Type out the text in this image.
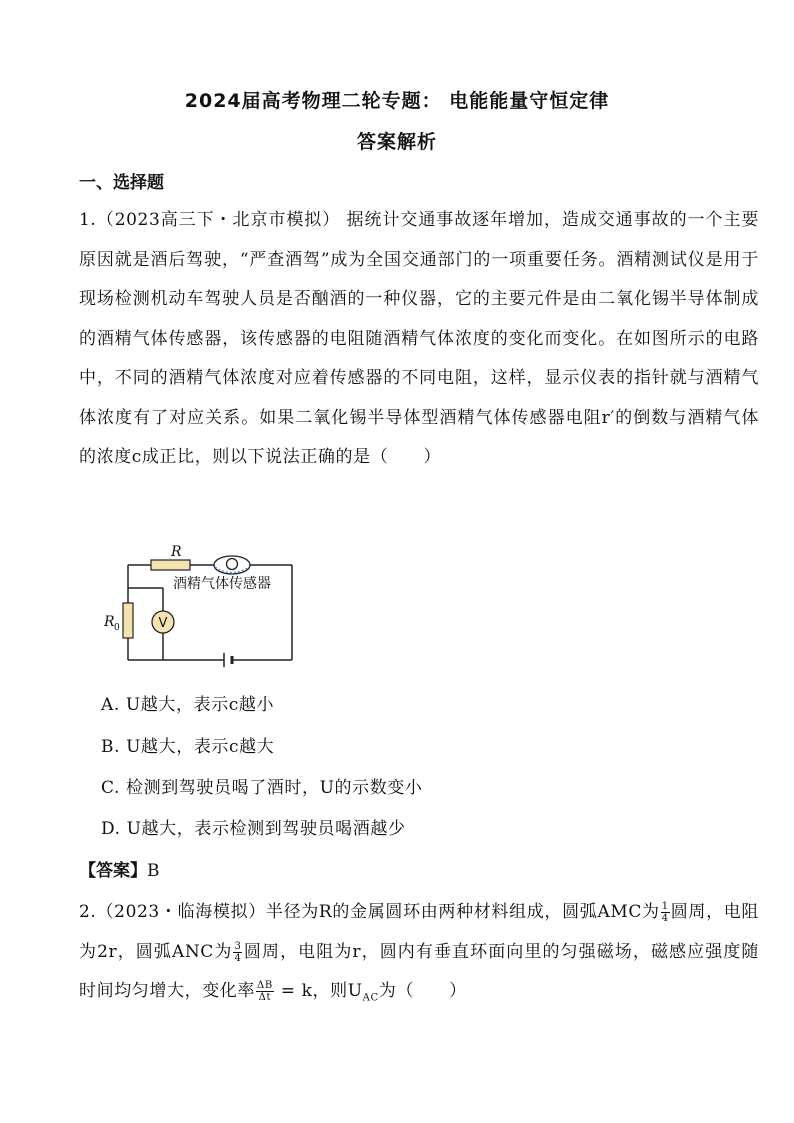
2024届高考物理二轮专题： 电能能量守恒定律
答案解析
一、选择题
1.（2023高三下・北京市模拟） 据统计交通事故逐年增加，造成交通事故的一个主要原因就是酒后驾驶，“严查酒驾”成为全国交通部门的一项重要任务。酒精测试仪是用于现场检测机动车驾驶人员是否酗酒的一种仪器，它的主要元件是由二氧化锡半导体制成的酒精气体传感器，该传感器的电阻随酒精气体浓度的变化而变化。在如图所示的电路中，不同的酒精气体浓度对应着传感器的不同电阻，这样，显示仪表的指针就与酒精气体浓度有了对应关系。如果二氧化锡半导体型酒精气体传感器电阻r′的倒数与酒精气体的浓度c成正比，则以下说法正确的是（　　）
V
R
R 0
酒精气体传感器
A. U越大，表示c越小
B. U越大，表示c越大
C. 检测到驾驶员喝了酒时，U的示数变小
D. U越大，表示检测到驾驶员喝酒越少
【答案】B
2.（2023・临海模拟）半径为R的金属圆环由两种材料组成，圆弧AMC为 $\frac{1}{4}$ 圆周，电阻为2r，圆弧ANC为 $\frac{3}{4}$ 圆周，电阻为r，圆内有垂直环面向里的匀强磁场，磁感应强度随时间均匀增大，变化率 $\frac{\Delta B}{\Delta t} = k$，则$U_{AC}$为（　　）
